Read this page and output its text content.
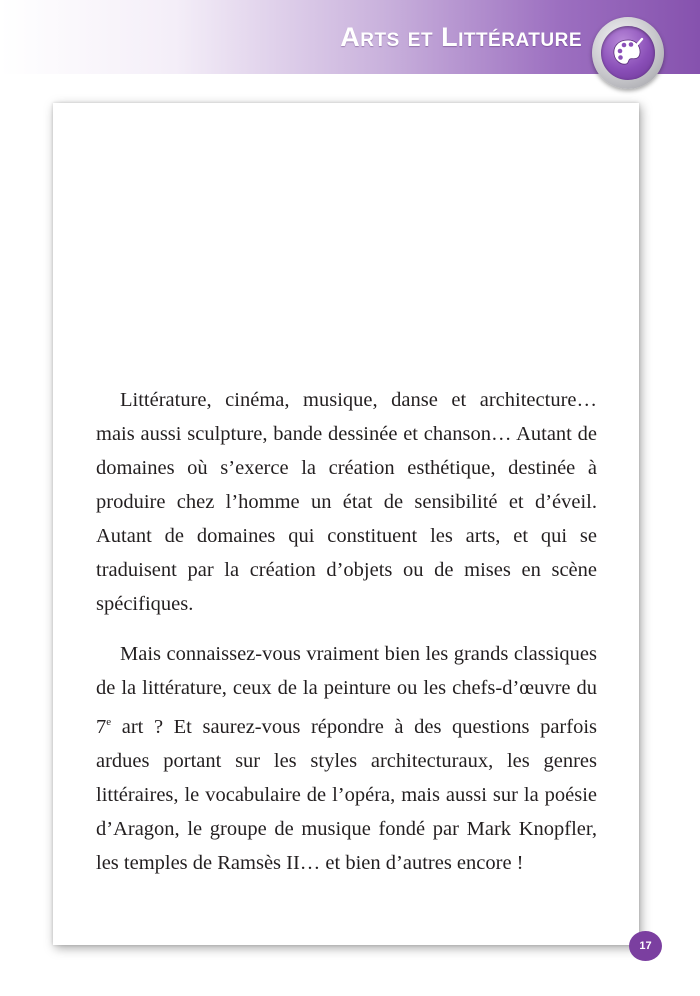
Arts et Littérature

Littérature, cinéma, musique, danse et architecture… mais aussi sculpture, bande dessinée et chanson… Autant de domaines où s’exerce la création esthétique, destinée à produire chez l’homme un état de sensibilité et d’éveil. Autant de domaines qui constituent les arts, et qui se traduisent par la création d’objets ou de mises en scène spécifiques.

Mais connaissez-vous vraiment bien les grands classiques de la littérature, ceux de la peinture ou les chefs-d’œuvre du 7e art ? Et saurez-vous répondre à des questions parfois ardues portant sur les styles architecturaux, les genres littéraires, le vocabulaire de l’opéra, mais aussi sur la poésie d’Aragon, le groupe de musique fondé par Mark Knopfler, les temples de Ramsès II… et bien d’autres encore !

17
